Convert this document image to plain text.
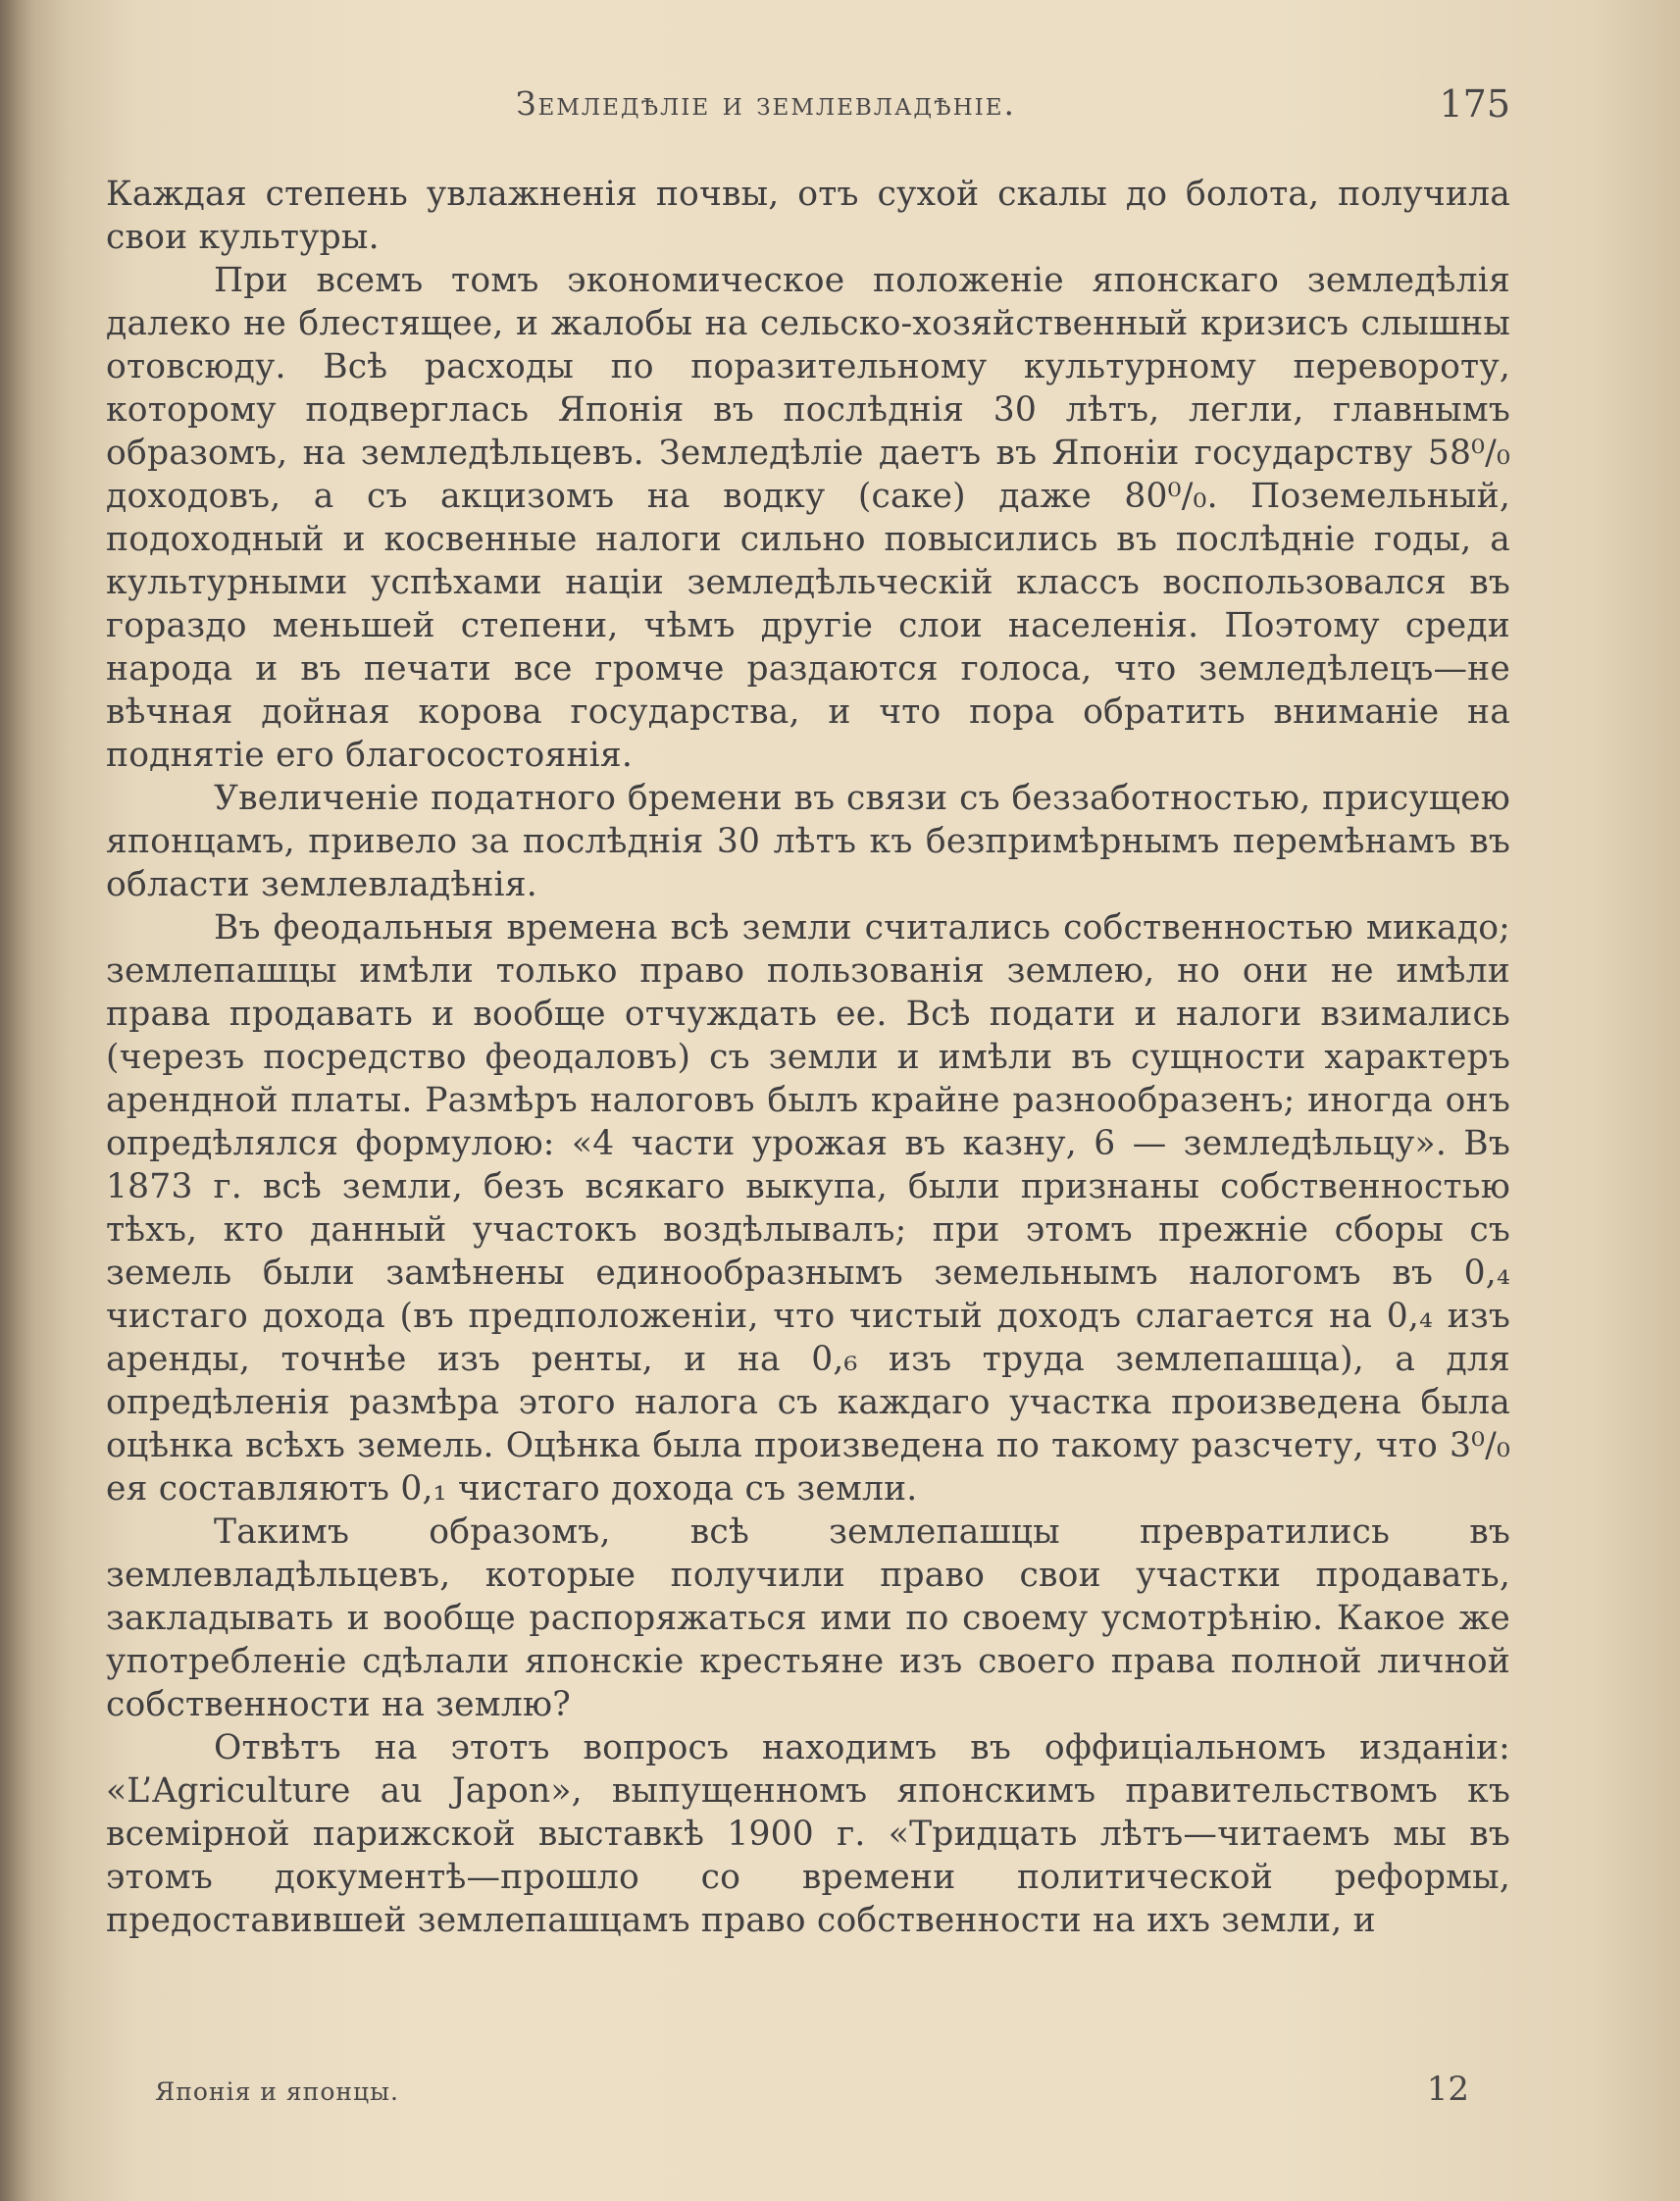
Земледѣліе и землевладѣніе.	175

Каждая степень увлажненія почвы, отъ сухой скалы до болота, получила свои культуры.

При всемъ томъ экономическое положеніе японскаго земледѣлія далеко не блестящее, и жалобы на сельско-хозяйственный кризисъ слышны отовсюду. Всѣ расходы по поразительному культурному перевороту, которому подверглась Японія въ послѣднія 30 лѣтъ, легли, главнымъ образомъ, на земледѣльцевъ. Земледѣліе даетъ въ Японіи государству 58⁰/₀ доходовъ, а съ акцизомъ на водку (саке) даже 80⁰/₀. Поземельный, подоходный и косвенные налоги сильно повысились въ послѣдніе годы, а культурными успѣхами націи земледѣльческій классъ воспользовался въ гораздо меньшей степени, чѣмъ другіе слои населенія. Поэтому среди народа и въ печати все громче раздаются голоса, что земледѣлецъ—не вѣчная дойная корова государства, и что пора обратить вниманіе на поднятіе его благосостоянія.

Увеличеніе податного бремени въ связи съ беззаботностью, присущею японцамъ, привело за послѣднія 30 лѣтъ къ безпримѣрнымъ перемѣнамъ въ области землевладѣнія.

Въ феодальныя времена всѣ земли считались собственностью микадо; землепашцы имѣли только право пользованія землею, но они не имѣли права продавать и вообще отчуждать ее. Всѣ подати и налоги взимались (черезъ посредство феодаловъ) съ земли и имѣли въ сущности характеръ арендной платы. Размѣръ налоговъ былъ крайне разнообразенъ; иногда онъ опредѣлялся формулою: «4 части урожая въ казну, 6 — земледѣльцу». Въ 1873 г. всѣ земли, безъ всякаго выкупа, были признаны собственностью тѣхъ, кто данный участокъ воздѣлывалъ; при этомъ прежніе сборы съ земель были замѣнены единообразнымъ земельнымъ налогомъ въ 0,₄ чистаго дохода (въ предположеніи, что чистый доходъ слагается на 0,₄ изъ аренды, точнѣе изъ ренты, и на 0,₆ изъ труда землепашца), а для опредѣленія размѣра этого налога съ каждаго участка произведена была оцѣнка всѣхъ земель. Оцѣнка была произведена по такому разсчету, что 3⁰/₀ ея составляютъ 0,₁ чистаго дохода съ земли.

Такимъ образомъ, всѣ землепашцы превратились въ землевладѣльцевъ, которые получили право свои участки продавать, закладывать и вообще распоряжаться ими по своему усмотрѣнію. Какое же употребленіе сдѣлали японскіе крестьяне изъ своего права полной личной собственности на землю?

Отвѣтъ на этотъ вопросъ находимъ въ оффиціальномъ изданіи: «L’Agriculture au Japon», выпущенномъ японскимъ правительствомъ къ всемірной парижской выставкѣ 1900 г. «Тридцать лѣтъ—читаемъ мы въ этомъ документѣ—прошло со времени политической реформы, предоставившей землепашцамъ право собственности на ихъ земли, и

Японія и японцы.	12
